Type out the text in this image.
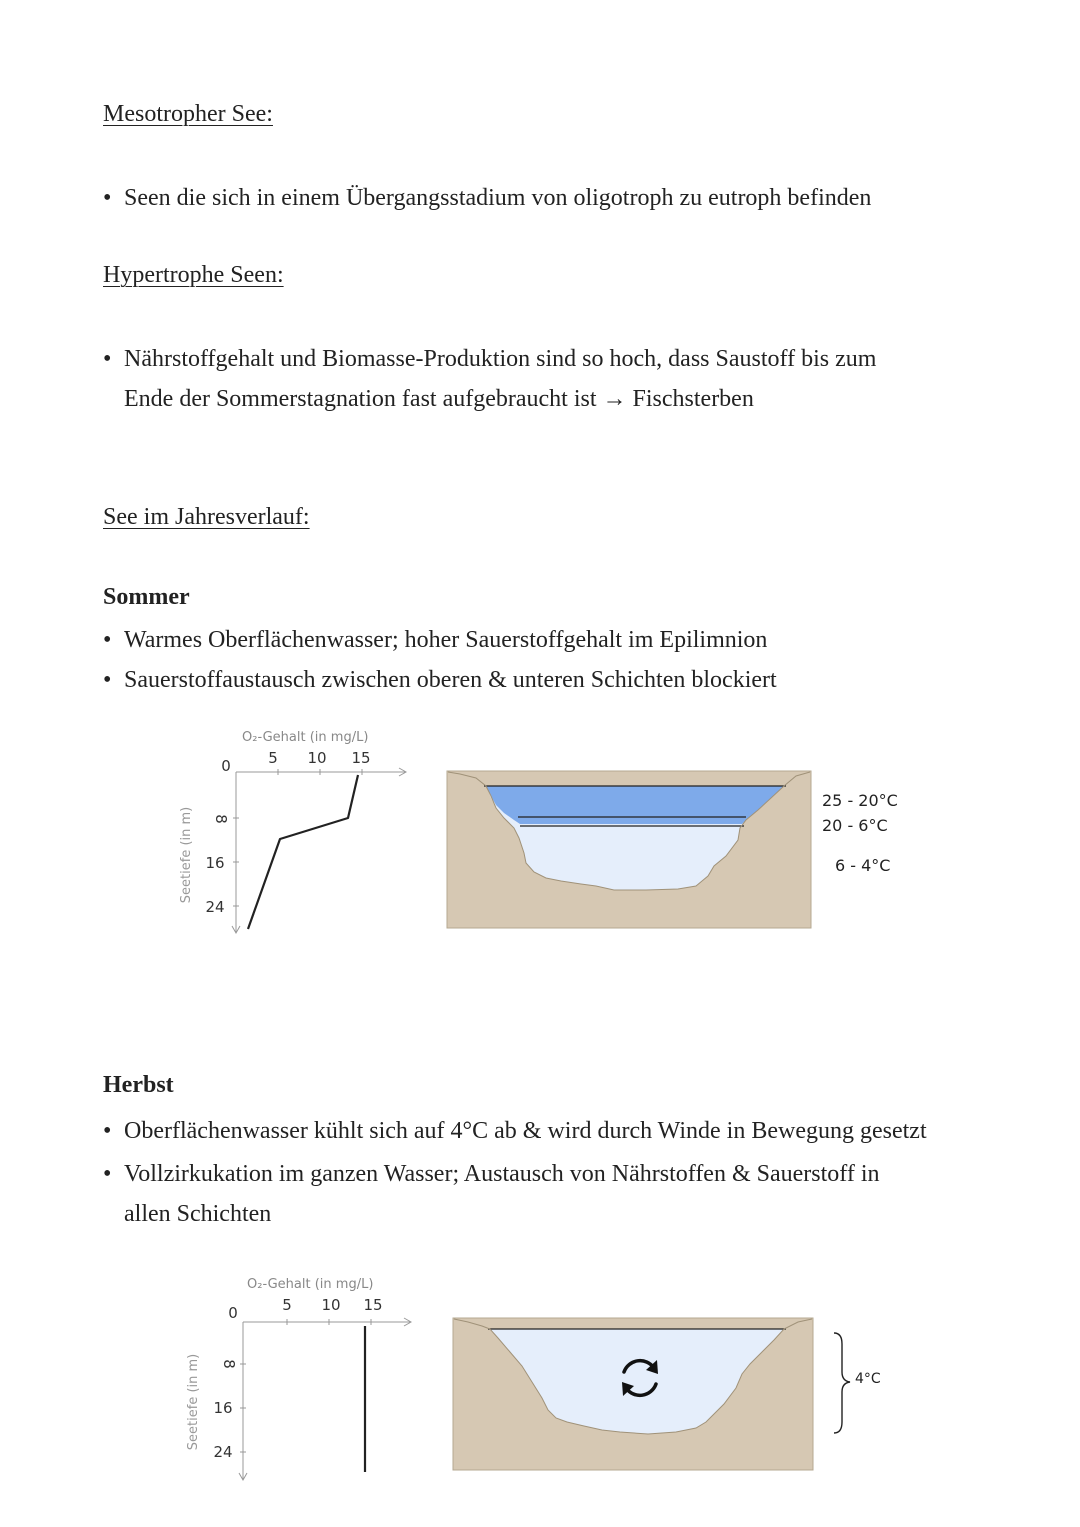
Mesotropher See:
• Seen die sich in einem Übergangsstadium von oligotroph zu eutroph befinden
Hypertrophe Seen:
• Nährstoffgehalt und Biomasse-Produktion sind so hoch, dass Saustoff bis zum
Ende der Sommerstagnation fast aufgebraucht ist → Fischsterben
See im Jahresverlauf:
Sommer
• Warmes Oberflächenwasser; hoher Sauerstoffgehalt im Epilimnion
• Sauerstoffaustausch zwischen oberen & unteren Schichten blockiert
O₂-Gehalt (in mg/L)
5 10 15
0
8
16
24
Seetiefe (in m)
25 - 20°C
20 - 6°C
6 - 4°C
Herbst
• Oberflächenwasser kühlt sich auf 4°C ab & wird durch Winde in Bewegung gesetzt
• Vollzirkukation im ganzen Wasser; Austausch von Nährstoffen & Sauerstoff in
allen Schichten
O₂-Gehalt (in mg/L)
5 10 15
0
8
16
24
Seetiefe (in m)	4°C
